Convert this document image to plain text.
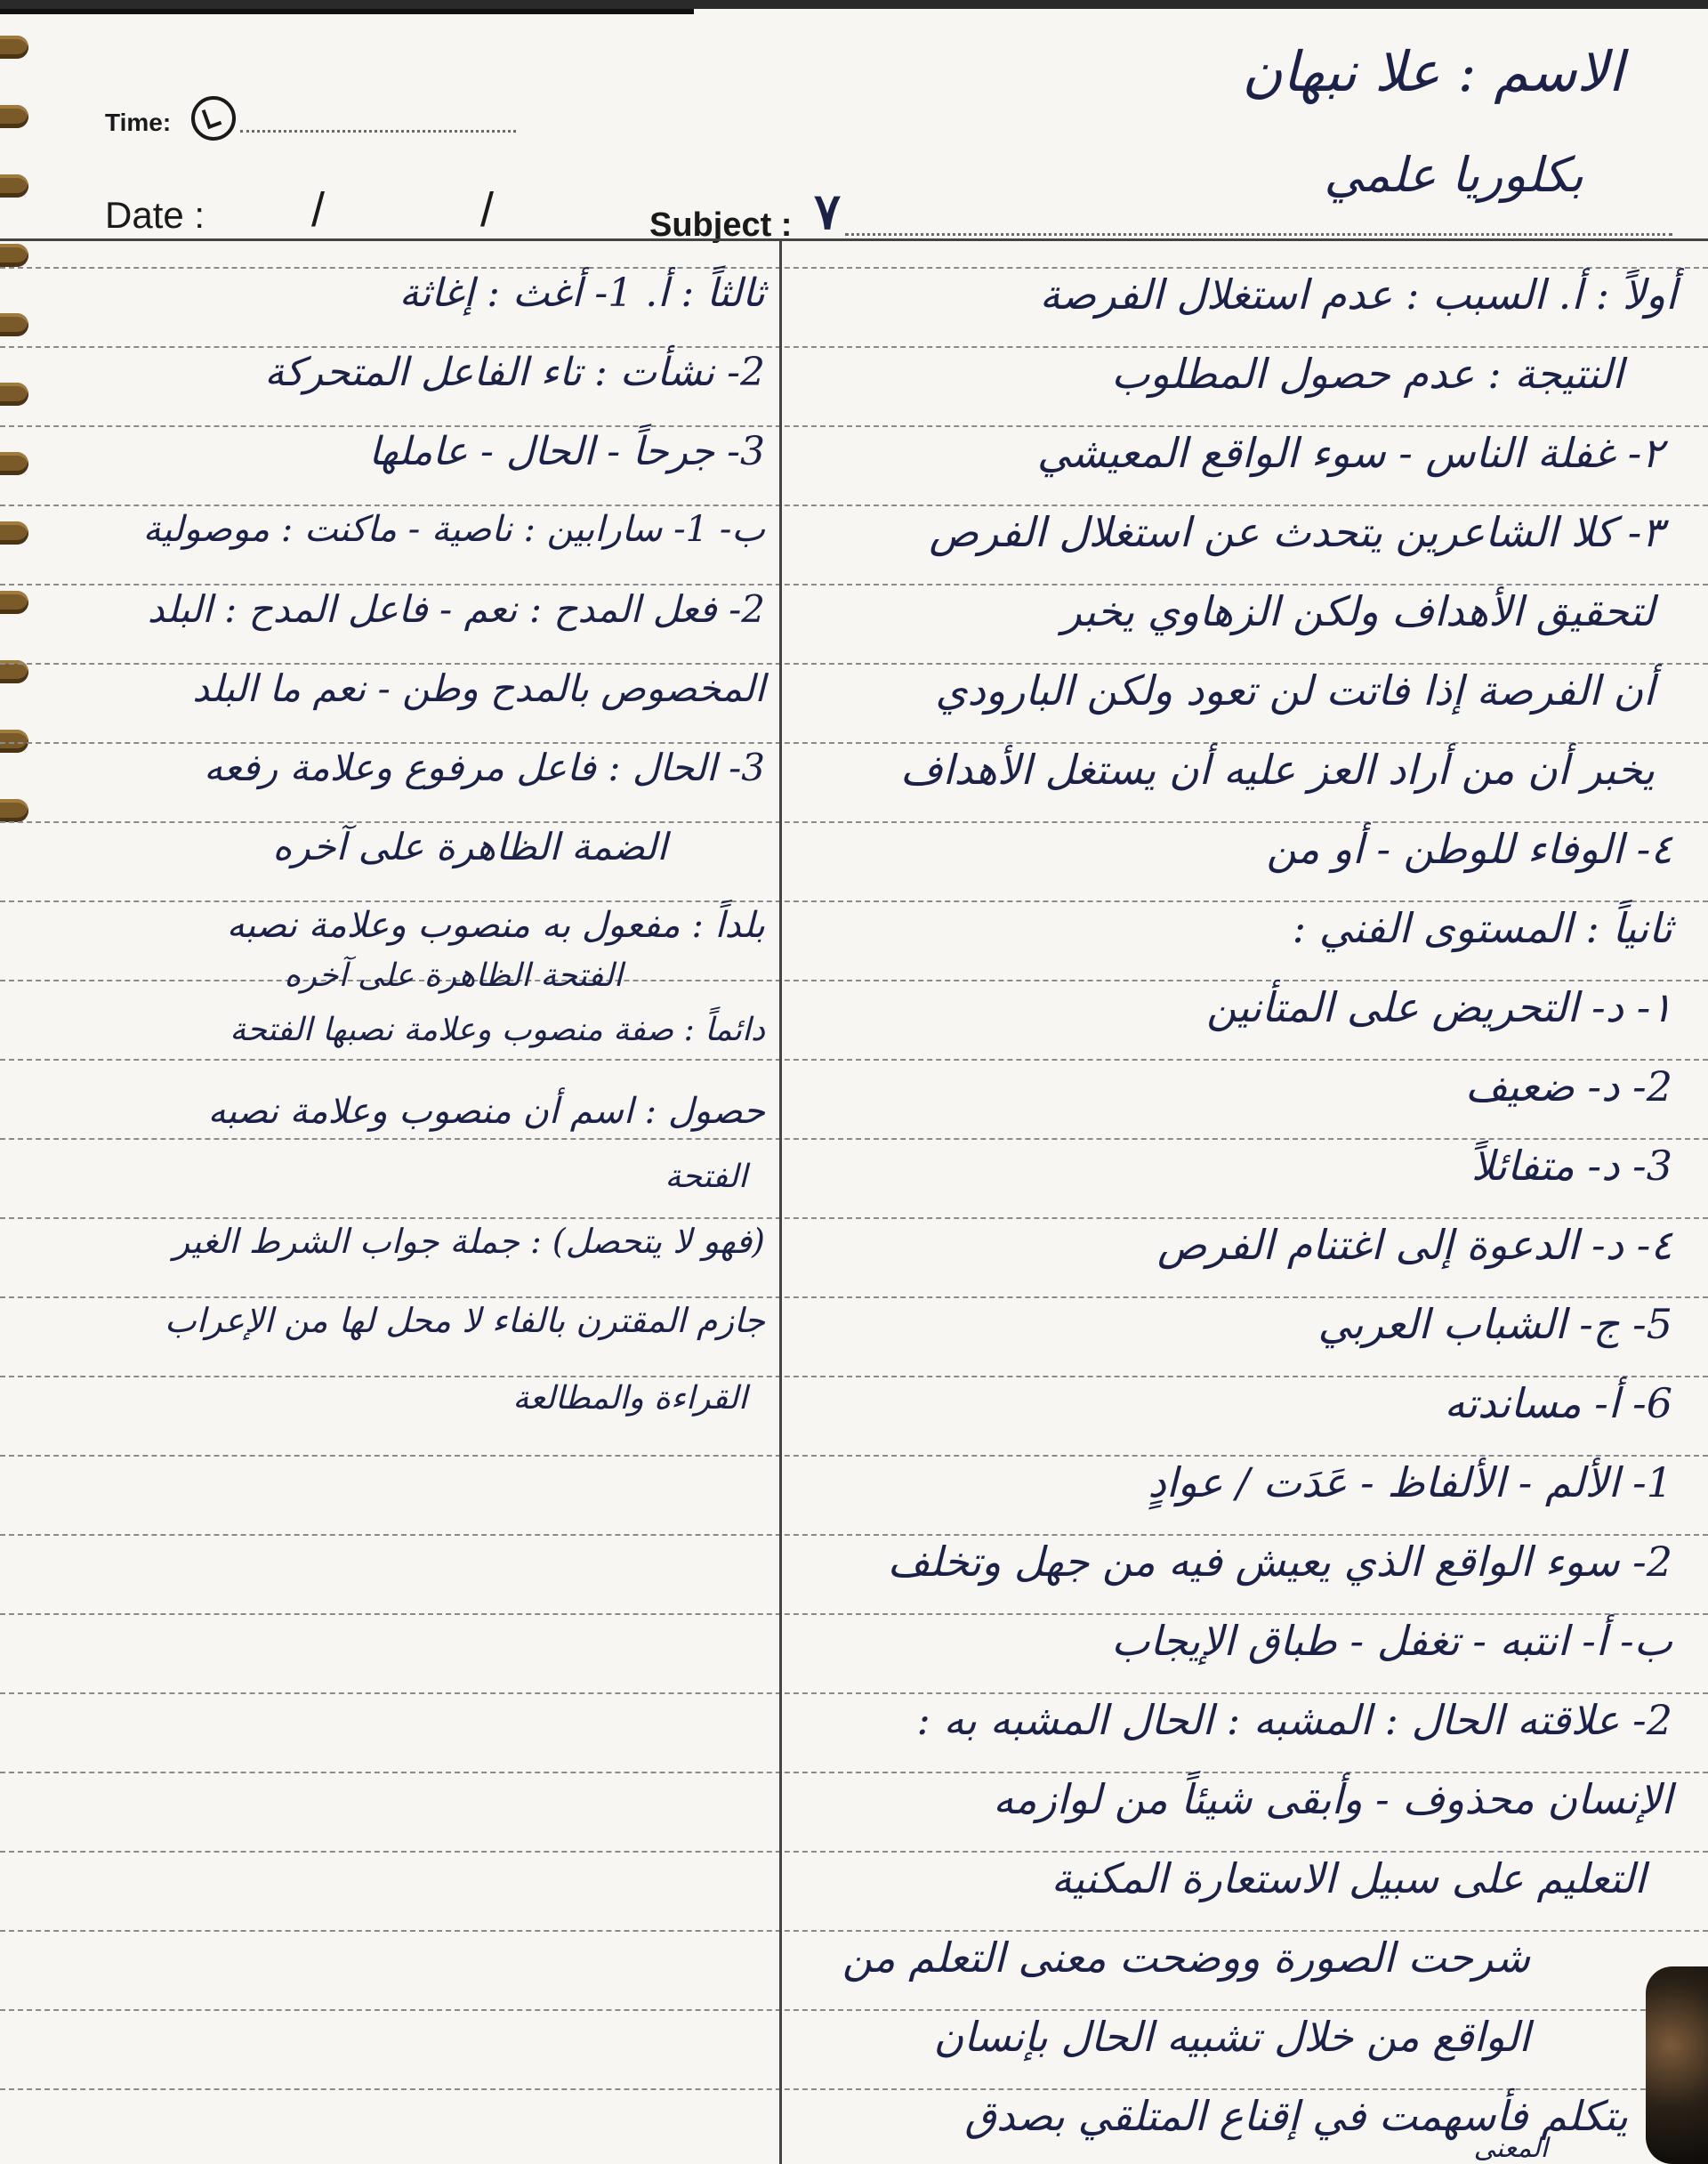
Time:
Date : /	/	Subject : ٧
الاسم : علا نبهان
بكلوريا علمي
أولاً : أ. السبب : عدم استغلال الفرصة
النتيجة : عدم حصول المطلوب
٢- غفلة الناس - سوء الواقع المعيشي
٣- كلا الشاعرين يتحدث عن استغلال الفرص
لتحقيق الأهداف ولكن الزهاوي يخبر
أن الفرصة إذا فاتت لن تعود ولكن البارودي
يخبر أن من أراد العز عليه أن يستغل الأهداف
٤- الوفاء للوطن - أو من
ثانياً : المستوى الفني :
١- د- التحريض على المتأنين
2- د- ضعيف
3- د- متفائلاً
٤- د- الدعوة إلى اغتنام الفرص
5- ج- الشباب العربي
6- أ- مساندته
1- الألم - الألفاظ - عَدَت / عوادٍ
2- سوء الواقع الذي يعيش فيه من جهل وتخلف
ب- أ- انتبه - تغفل - طباق الإيجاب
2- علاقته الحال : المشبه : الحال المشبه به :
الإنسان محذوف - وأبقى شيئاً من لوازمه
التعليم على سبيل الاستعارة المكنية
شرحت الصورة ووضحت معنى التعلم من
الواقع من خلال تشبيه الحال بإنسان
يتكلم فأسهمت في إقناع المتلقي بصدق
المعنى
ثالثاً : أ. 1- أغث : إغاثة
2- نشأت : تاء الفاعل المتحركة
3- جرحاً - الحال - عاملها
ب- 1- سارابين : ناصية - ماكنت : موصولية
2- فعل المدح : نعم - فاعل المدح : البلد
المخصوص بالمدح وطن - نعم ما البلد
3- الحال : فاعل مرفوع وعلامة رفعه
الضمة الظاهرة على آخره
بلداً : مفعول به منصوب وعلامة نصبه
الفتحة الظاهرة على آخره
دائماً : صفة منصوب وعلامة نصبها الفتحة
حصول : اسم أن منصوب وعلامة نصبه
الفتحة
(فهو لا يتحصل) : جملة جواب الشرط الغير
جازم المقترن بالفاء لا محل لها من الإعراب
القراءة والمطالعة
